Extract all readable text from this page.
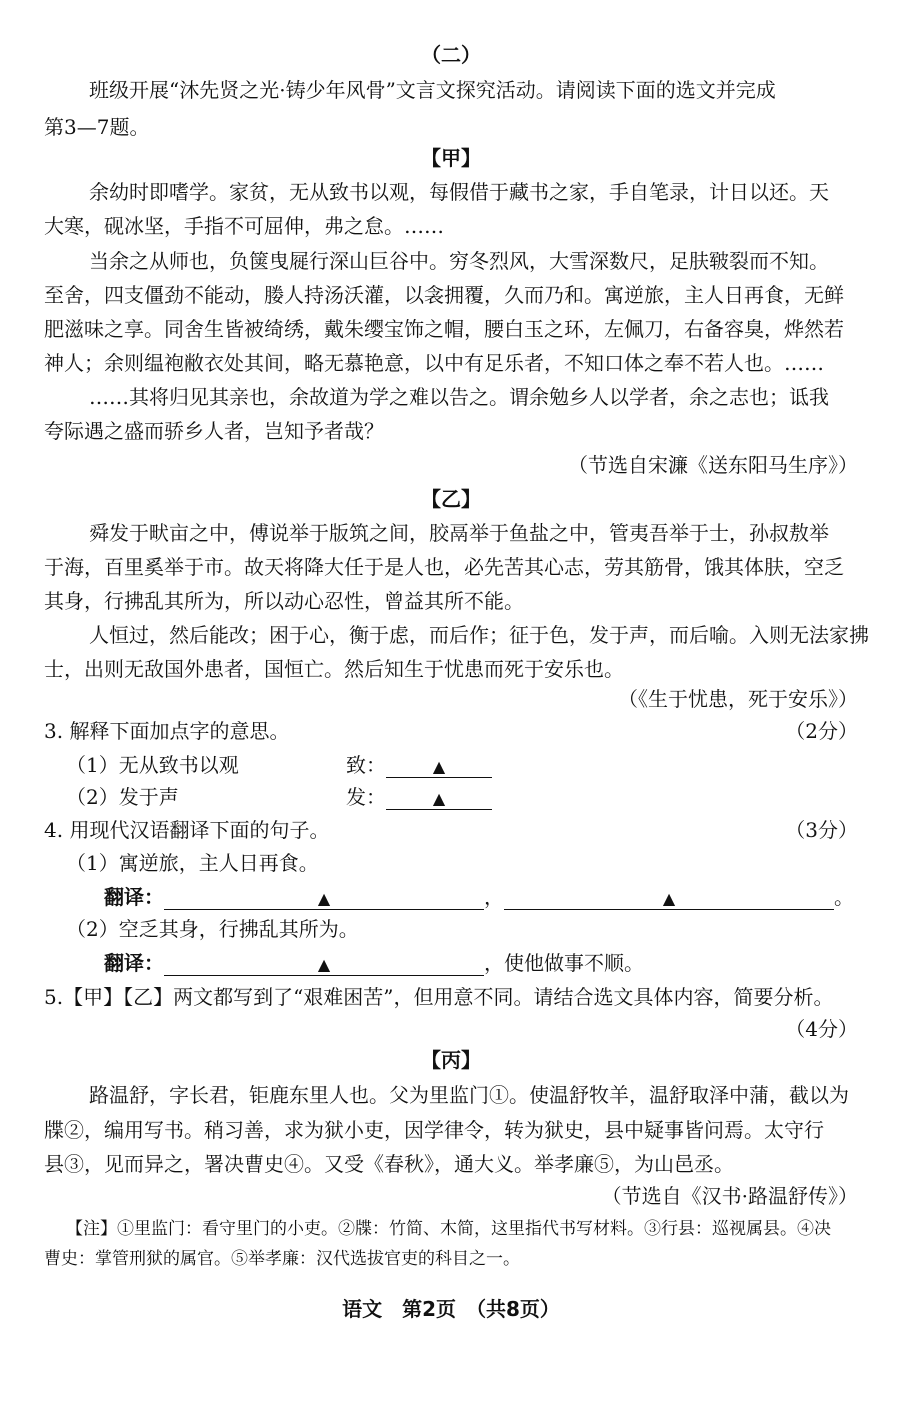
（二）
班级开展“沐先贤之光·铸少年风骨”文言文探究活动。请阅读下面的选文并完成
第3—7题。
【甲】
余幼时即嗜学。家贫，无从致书以观，每假借于藏书之家，手自笔录，计日以还。天
大寒，砚冰坚，手指不可屈伸，弗之怠。……
当余之从师也，负箧曳屣行深山巨谷中。穷冬烈风，大雪深数尺，足肤皲裂而不知。
至舍，四支僵劲不能动，媵人持汤沃灌，以衾拥覆，久而乃和。寓逆旅，主人日再食，无鲜
肥滋味之享。同舍生皆被绮绣，戴朱缨宝饰之帽，腰白玉之环，左佩刀，右备容臭，烨然若
神人；余则缊袍敝衣处其间，略无慕艳意，以中有足乐者，不知口体之奉不若人也。……
……其将归见其亲也，余故道为学之难以告之。谓余勉乡人以学者，余之志也；诋我
夸际遇之盛而骄乡人者，岂知予者哉？
（节选自宋濂《送东阳马生序》）
【乙】
舜发于畎亩之中，傅说举于版筑之间，胶鬲举于鱼盐之中，管夷吾举于士，孙叔敖举
于海，百里奚举于市。故天将降大任于是人也，必先苦其心志，劳其筋骨，饿其体肤，空乏
其身，行拂乱其所为，所以动心忍性，曾益其所不能。
人恒过，然后能改；困于心，衡于虑，而后作；征于色，发于声，而后喻。入则无法家拂
士，出则无敌国外患者，国恒亡。然后知生于忧患而死于安乐也。
（《生于忧患，死于安乐》）
3. 解释下面加点字的意思。	（2分）
（1）无从致书以观	致：	▲
（2）发于声	发：	▲
4. 用现代汉语翻译下面的句子。	（3分）
（1）寓逆旅，主人日再食。
翻译：	▲	，	▲	。
（2）空乏其身，行拂乱其所为。
翻译：	▲	，使他做事不顺。
5.【甲】【乙】两文都写到了“艰难困苦”，但用意不同。请结合选文具体内容，简要分析。
（4分）
【丙】
路温舒，字长君，钜鹿东里人也。父为里监门①。使温舒牧羊，温舒取泽中蒲，截以为
牒②，编用写书。稍习善，求为狱小吏，因学律令，转为狱史，县中疑事皆问焉。太守行
县③，见而异之，署决曹史④。又受《春秋》，通大义。举孝廉⑤，为山邑丞。
（节选自《汉书·路温舒传》）
【注】①里监门：看守里门的小吏。②牒：竹简、木简，这里指代书写材料。③行县：巡视属县。④决
曹史：掌管刑狱的属官。⑤举孝廉：汉代选拔官吏的科目之一。
语文　第2页　（共8页）
